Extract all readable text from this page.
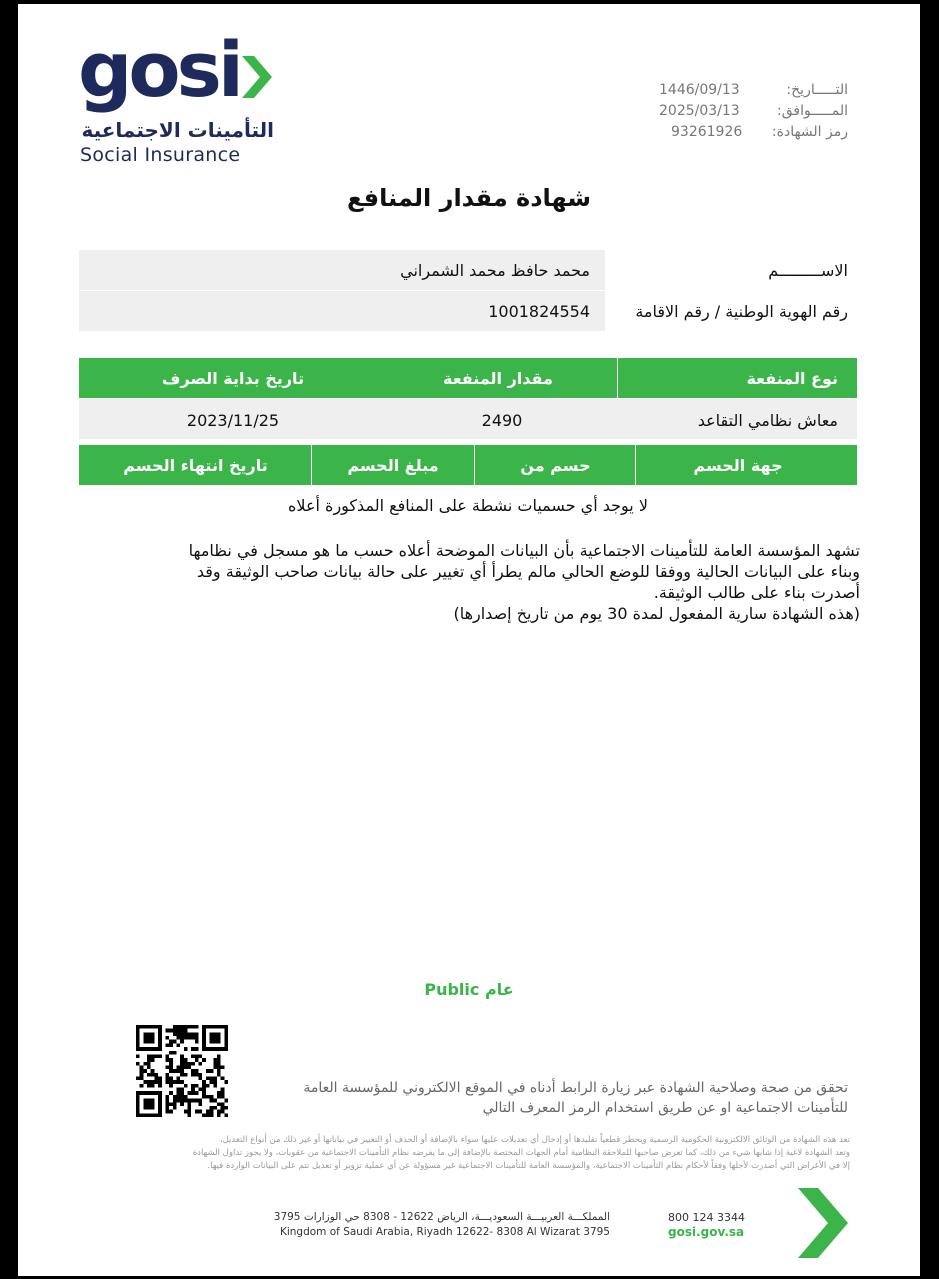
gosi
التأمينات الاجتماعية
Social Insurance
التـــــاريخ:
1446/09/13
المـــــوافق:
2025/03/13
رمز الشهادة:
93261926
شهادة مقدار المنافع
محمد حافظ محمد الشمراني
1001824554
الاســـــــــم
رقم الهوية الوطنية / رقم الاقامة
نوع المنفعة
مقدار المنفعة
تاريخ بداية الصرف
معاش نظامي التقاعد
2490
2023/11/25
جهة الحسم
حسم من
مبلغ الحسم
تاريخ انتهاء الحسم
لا يوجد أي حسميات نشطة على المنافع المذكورة أعلاه
تشهد المؤسسة العامة للتأمينات الاجتماعية بأن البيانات الموضحة أعلاه حسب ما هو مسجل في نظامها
وبناء على البيانات الحالية ووفقا للوضع الحالي مالم يطرأ أي تغيير على حالة بيانات صاحب الوثيقة وقد
أصدرت بناء على طالب الوثيقة.
(هذه الشهادة سارية المفعول لمدة 30 يوم من تاريخ إصدارها)
Public عام
تحقق من صحة وصلاحية الشهادة عبر زيارة الرابط أدناه في الموقع الالكتروني للمؤسسة العامة
للتأمينات الاجتماعية او عن طريق استخدام الرمز المعرف التالي
تعد هذه الشهادة من الوثائق الالكترونية الحكومية الرسمية ويحظر قطعياً تقليدها أو إدخال أي تعديلات عليها سواء بالإضافة أو الحذف أو التغيير في بياناتها أو غير ذلك من أنواع التعديل،
وتعد الشهادة لاغية إذا شابها شيء من ذلك، كما تعرض صاحبها للملاحقة النظامية أمام الجهات المختصة بالإضافة إلى ما يفرضه نظام التأمينات الاجتماعية من عقوبات، ولا يجوز تداول الشهادة
إلا في الأغراض التي أصدرت لأجلها وفقاً لأحكام نظام التأمينات الاجتماعية، والمؤسسة العامة للتأمينات الاجتماعية غير مسؤولة عن أي عملية تزوير أو تعديل تتم على البيانات الواردة فيها.
المملكـــة العربيـــة السعوديـــة، الرياض 12622 - 8308 حي الوزارات 3795
Kingdom of Saudi Arabia, Riyadh 12622- 8308 Al Wizarat 3795
800 124 3344
gosi.gov.sa
